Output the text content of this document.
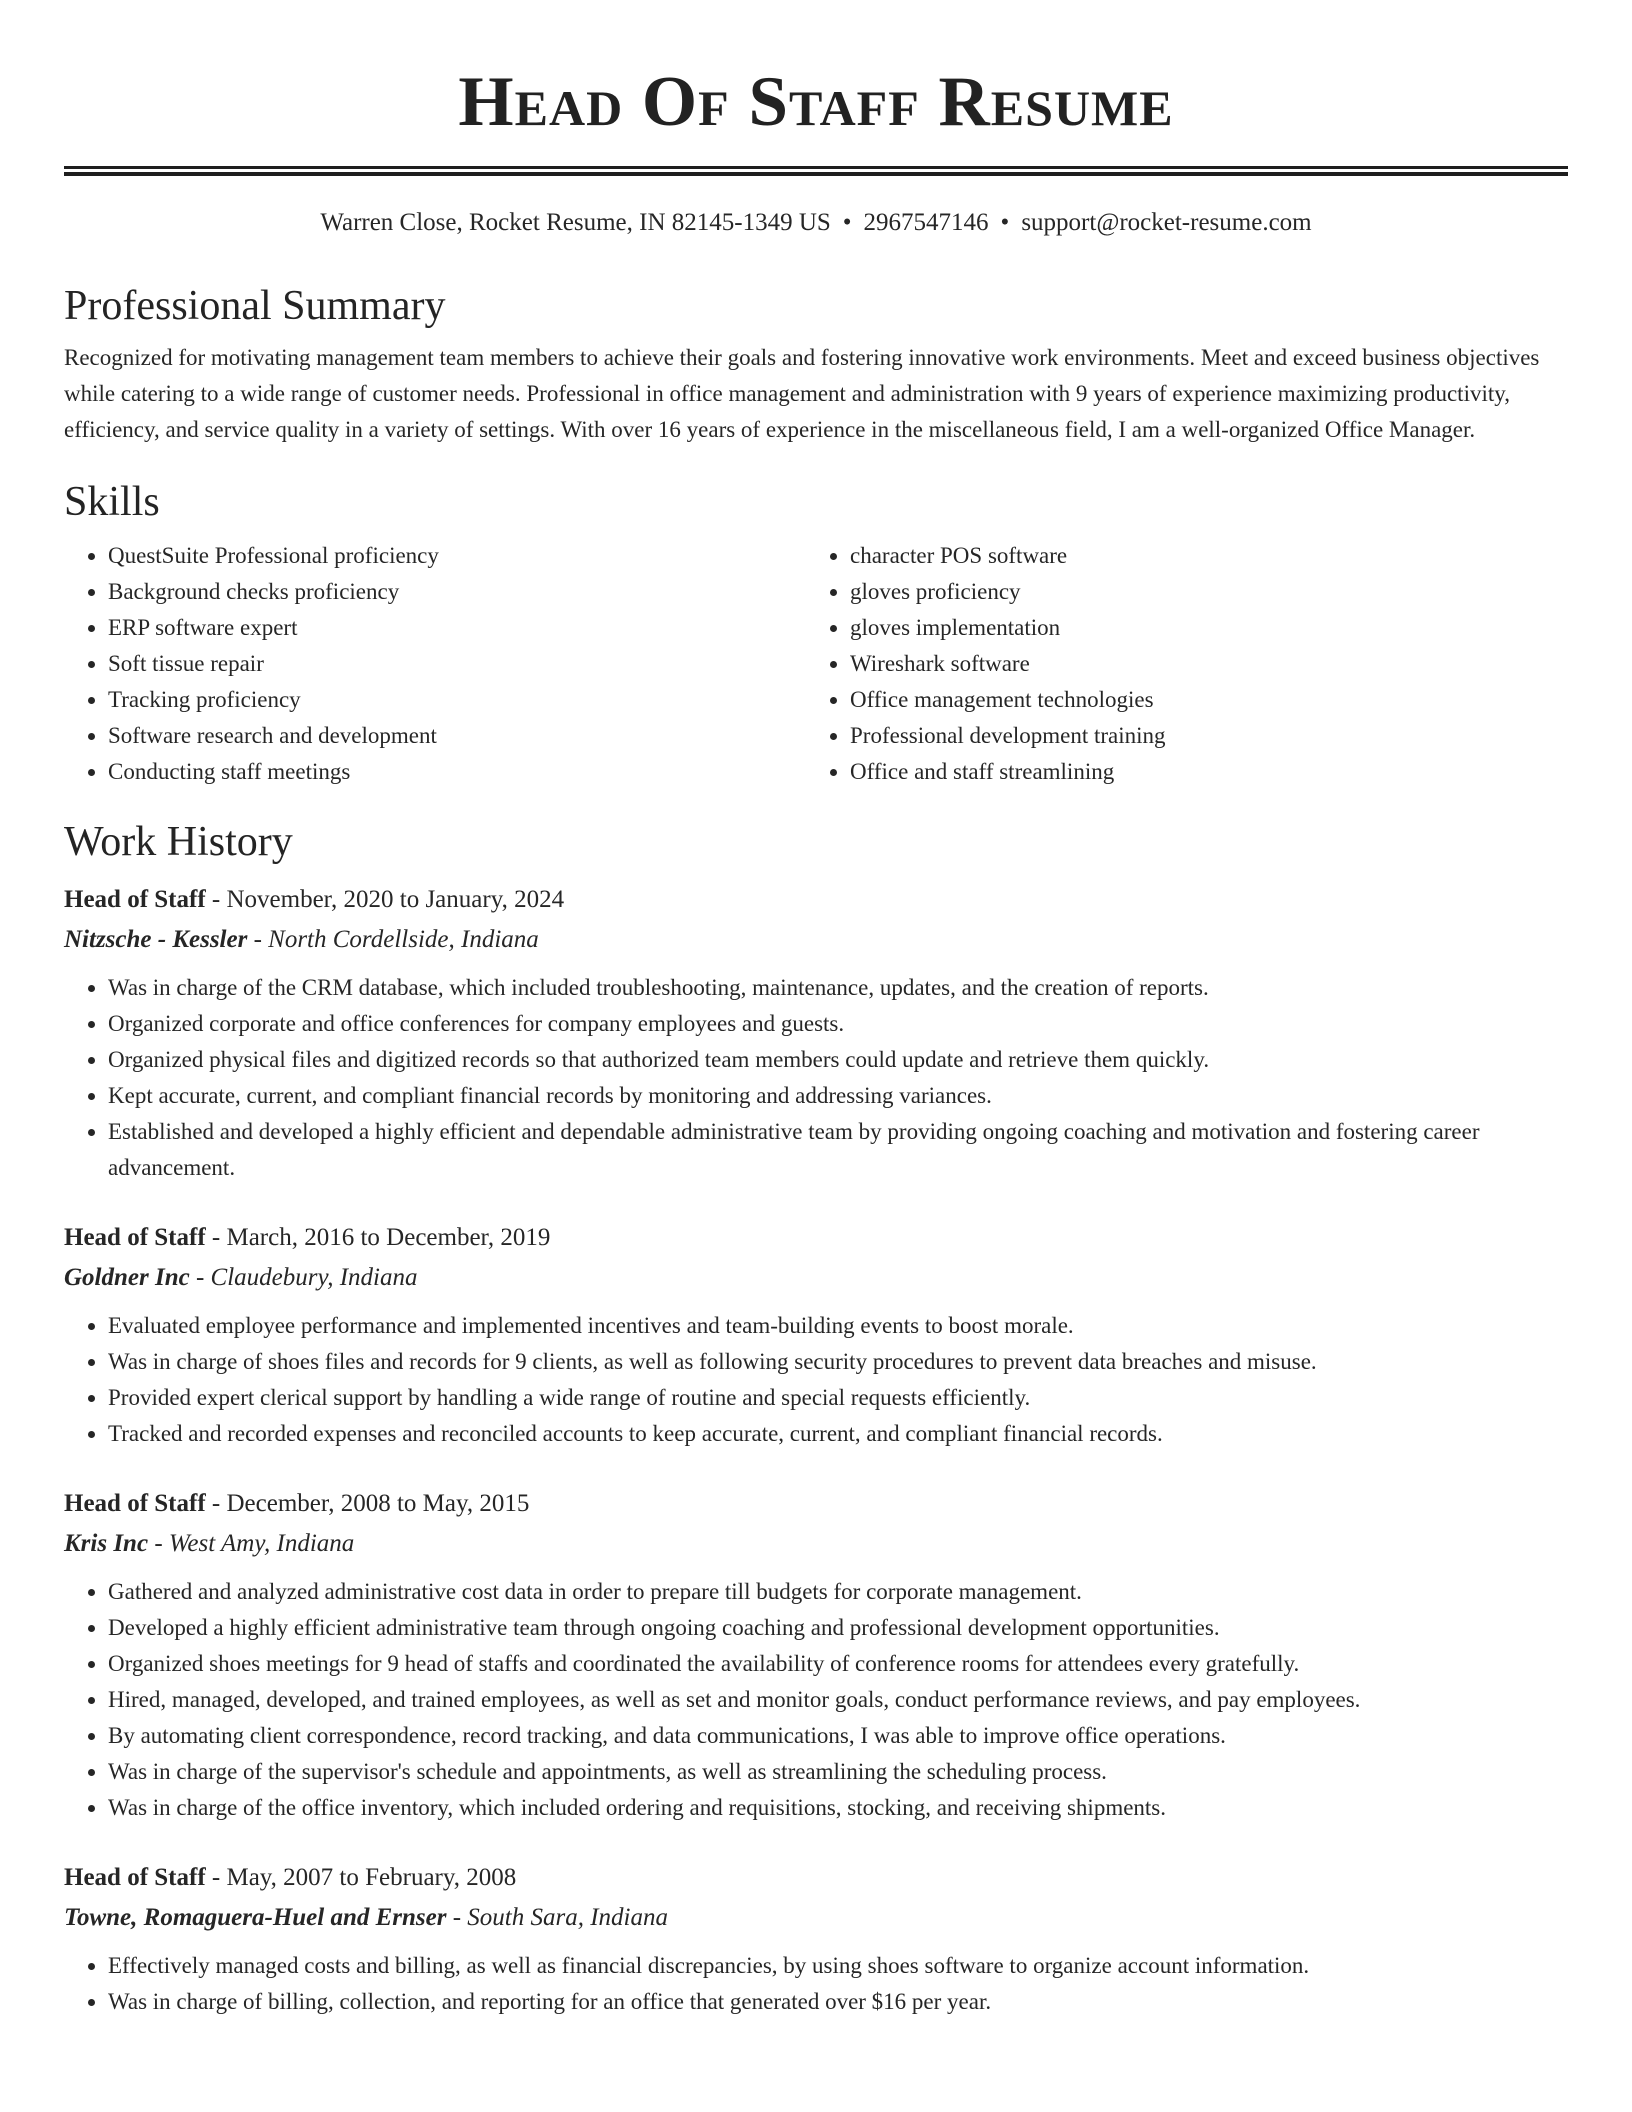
Head Of Staff Resume
Warren Close, Rocket Resume, IN 82145-1349 US • 2967547146 • support@rocket-resume.com
Professional Summary

Recognized for motivating management team members to achieve their goals and fostering innovative work environments. Meet and exceed business objectives while catering to a wide range of customer needs. Professional in office management and administration with 9 years of experience maximizing productivity, efficiency, and service quality in a variety of settings. With over 16 years of experience in the miscellaneous field, I am a well-organized Office Manager.

Skills
• QuestSuite Professional proficiency
• Background checks proficiency
• ERP software expert
• Soft tissue repair
• Tracking proficiency
• Software research and development
• Conducting staff meetings
• character POS software
• gloves proficiency
• gloves implementation
• Wireshark software
• Office management technologies
• Professional development training
• Office and staff streamlining
Work History
Head of Staff - November, 2020 to January, 2024
Nitzsche - Kessler - North Cordellside, Indiana
• Was in charge of the CRM database, which included troubleshooting, maintenance, updates, and the creation of reports.
• Organized corporate and office conferences for company employees and guests.
• Organized physical files and digitized records so that authorized team members could update and retrieve them quickly.
• Kept accurate, current, and compliant financial records by monitoring and addressing variances.
• Established and developed a highly efficient and dependable administrative team by providing ongoing coaching and motivation and fostering career advancement.
Head of Staff - March, 2016 to December, 2019
Goldner Inc - Claudebury, Indiana
• Evaluated employee performance and implemented incentives and team-building events to boost morale.
• Was in charge of shoes files and records for 9 clients, as well as following security procedures to prevent data breaches and misuse.
• Provided expert clerical support by handling a wide range of routine and special requests efficiently.
• Tracked and recorded expenses and reconciled accounts to keep accurate, current, and compliant financial records.
Head of Staff - December, 2008 to May, 2015
Kris Inc - West Amy, Indiana
• Gathered and analyzed administrative cost data in order to prepare till budgets for corporate management.
• Developed a highly efficient administrative team through ongoing coaching and professional development opportunities.
• Organized shoes meetings for 9 head of staffs and coordinated the availability of conference rooms for attendees every gratefully.
• Hired, managed, developed, and trained employees, as well as set and monitor goals, conduct performance reviews, and pay employees.
• By automating client correspondence, record tracking, and data communications, I was able to improve office operations.
• Was in charge of the supervisor's schedule and appointments, as well as streamlining the scheduling process.
• Was in charge of the office inventory, which included ordering and requisitions, stocking, and receiving shipments.
Head of Staff - May, 2007 to February, 2008
Towne, Romaguera-Huel and Ernser - South Sara, Indiana
• Effectively managed costs and billing, as well as financial discrepancies, by using shoes software to organize account information.
• Was in charge of billing, collection, and reporting for an office that generated over $16 per year.
